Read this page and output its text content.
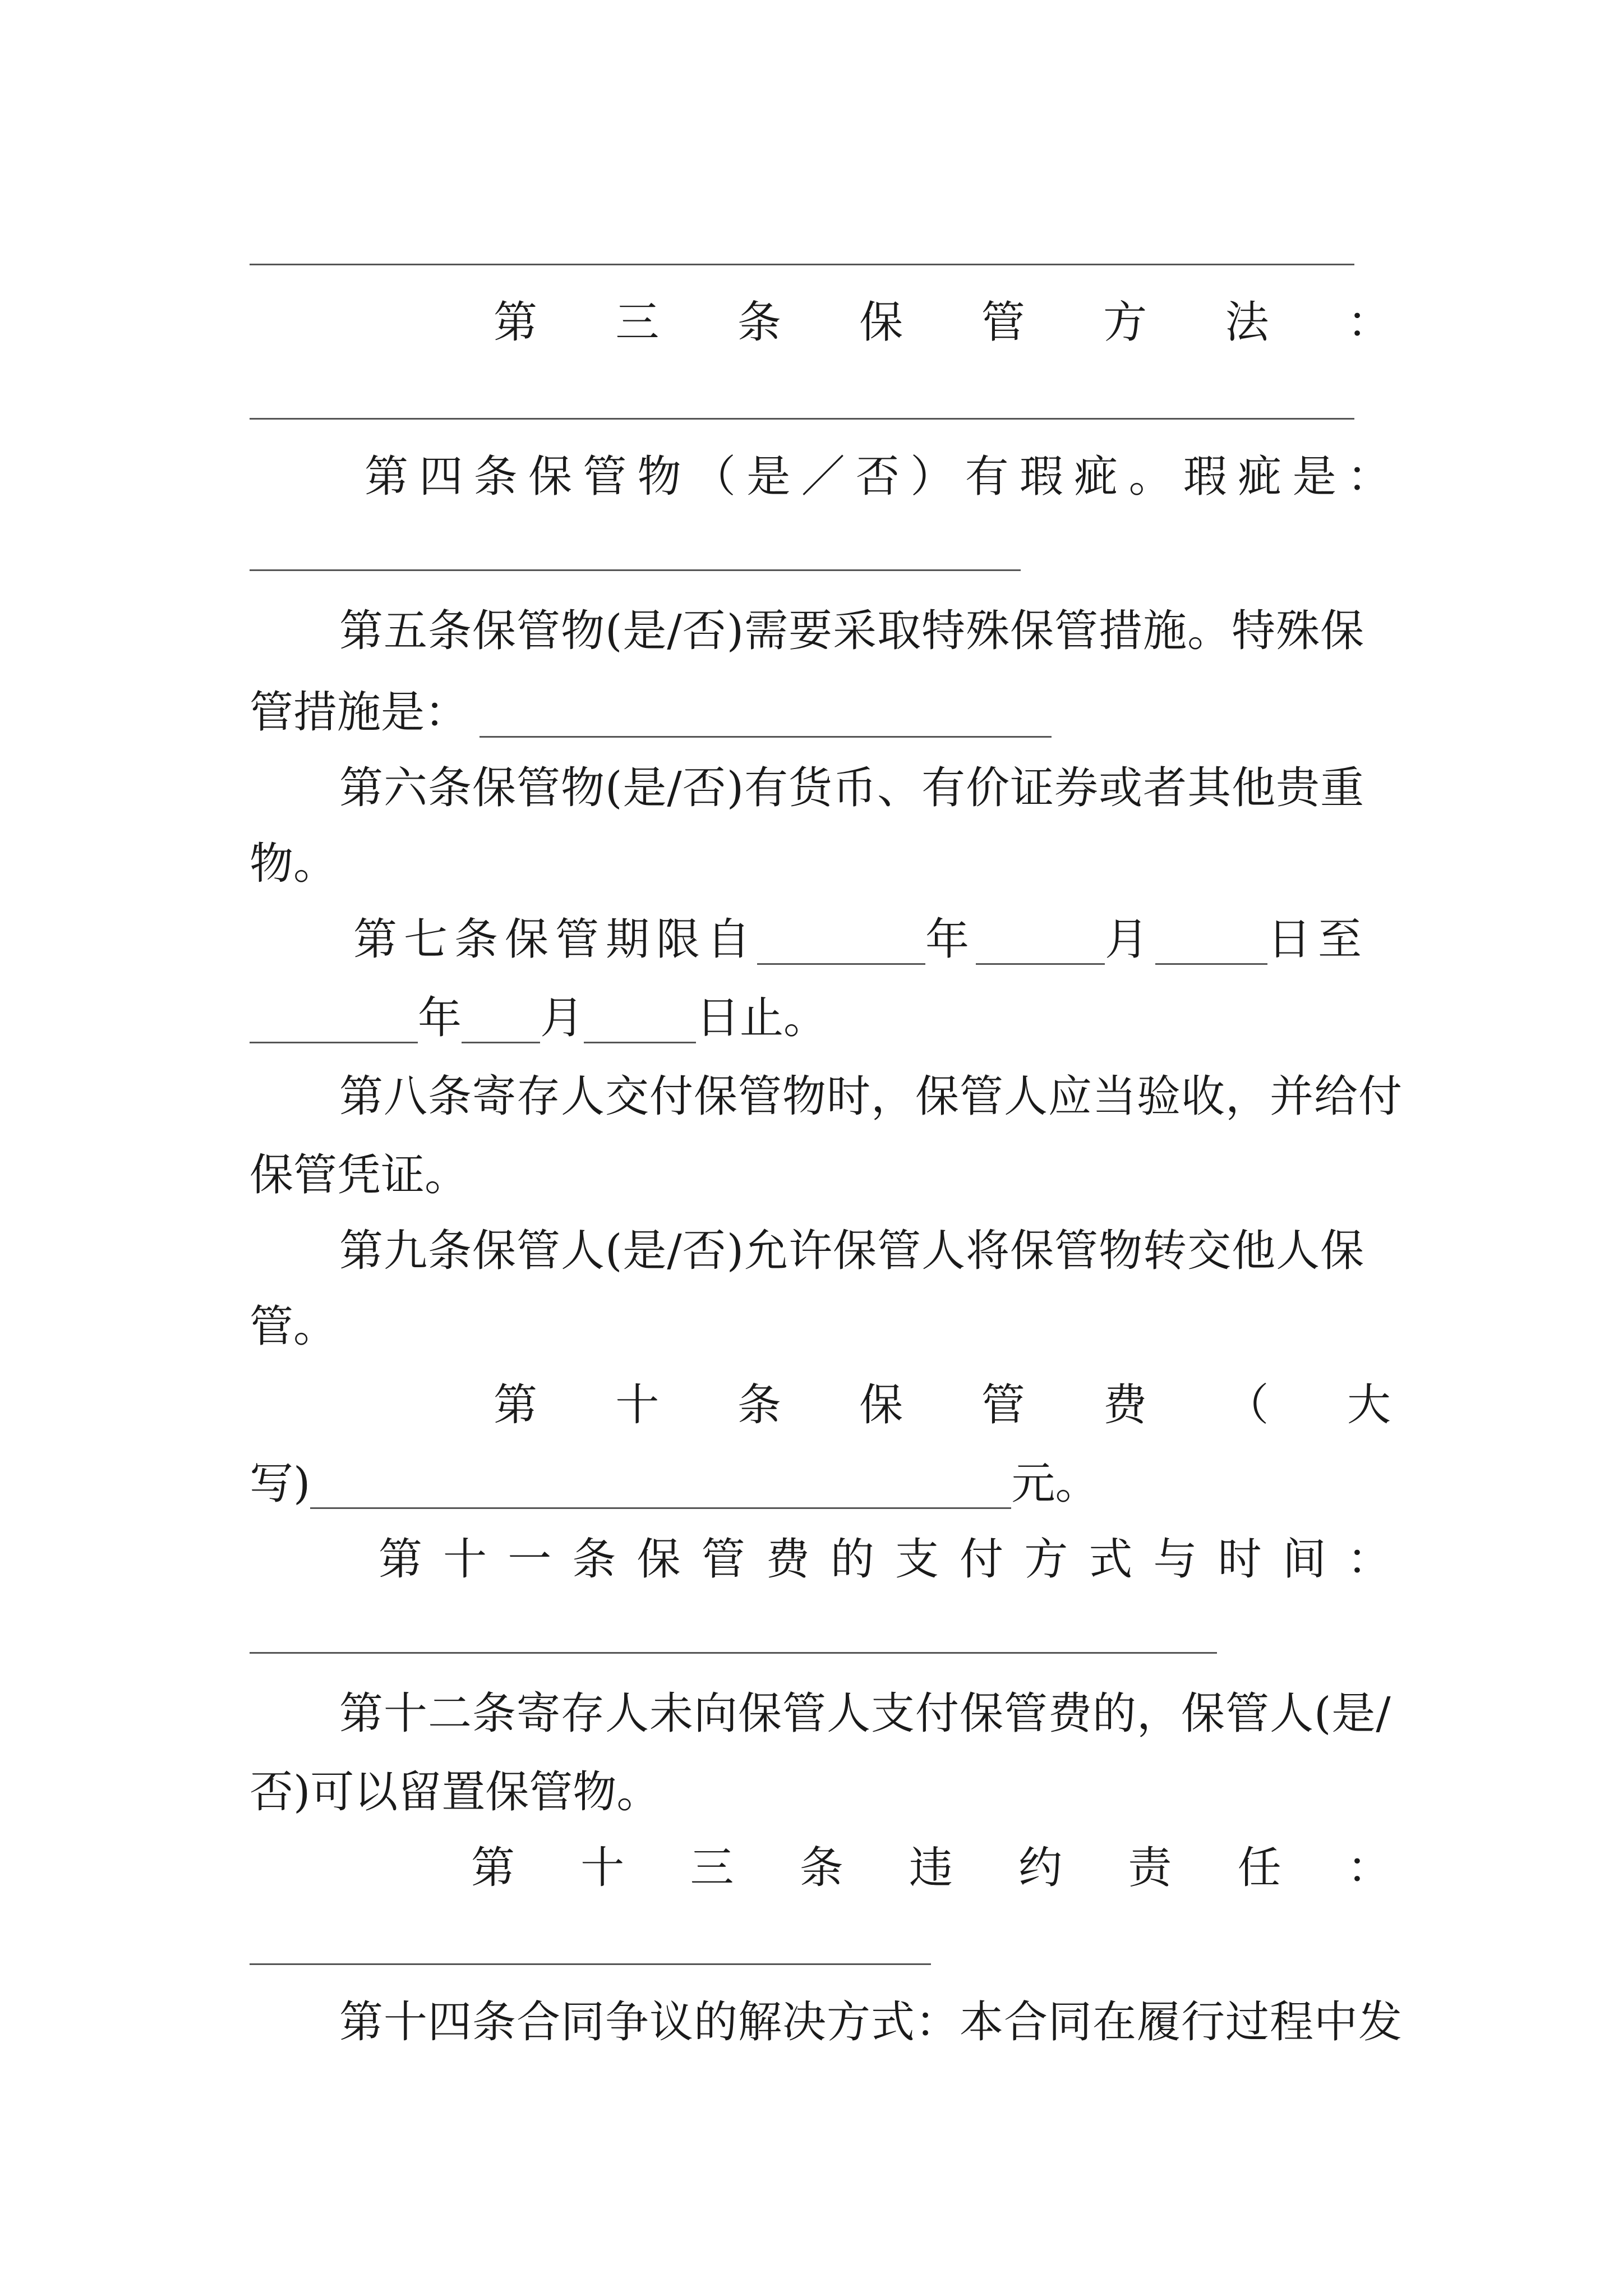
第 三 条 保 管 方 法 ：
第 四 条 保 管 物 （ 是 ／ 否 ） 有 瑕 疵 。 瑕 疵 是 ：
第五条保管物(是/否)需要采取特殊保管措施。特殊保
管措施是：
第六条保管物(是/否)有货币、有价证券或者其他贵重
物。
第七条保管期限自	年	月	日至
年 月	日止。
第八条寄存人交付保管物时，保管人应当验收，并给付
保管凭证。
第九条保管人(是/否)允许保管人将保管物转交他人保
管。
第 十 条 保 管 费 （ 大
写)	元。
第 十 一 条 保 管 费 的 支 付 方 式 与 时 间 ：
第十二条寄存人未向保管人支付保管费的，保管人(是/
否)可以留置保管物。
第 十 三 条 违 约 责 任 ：
第十四条合同争议的解决方式：本合同在履行过程中发
